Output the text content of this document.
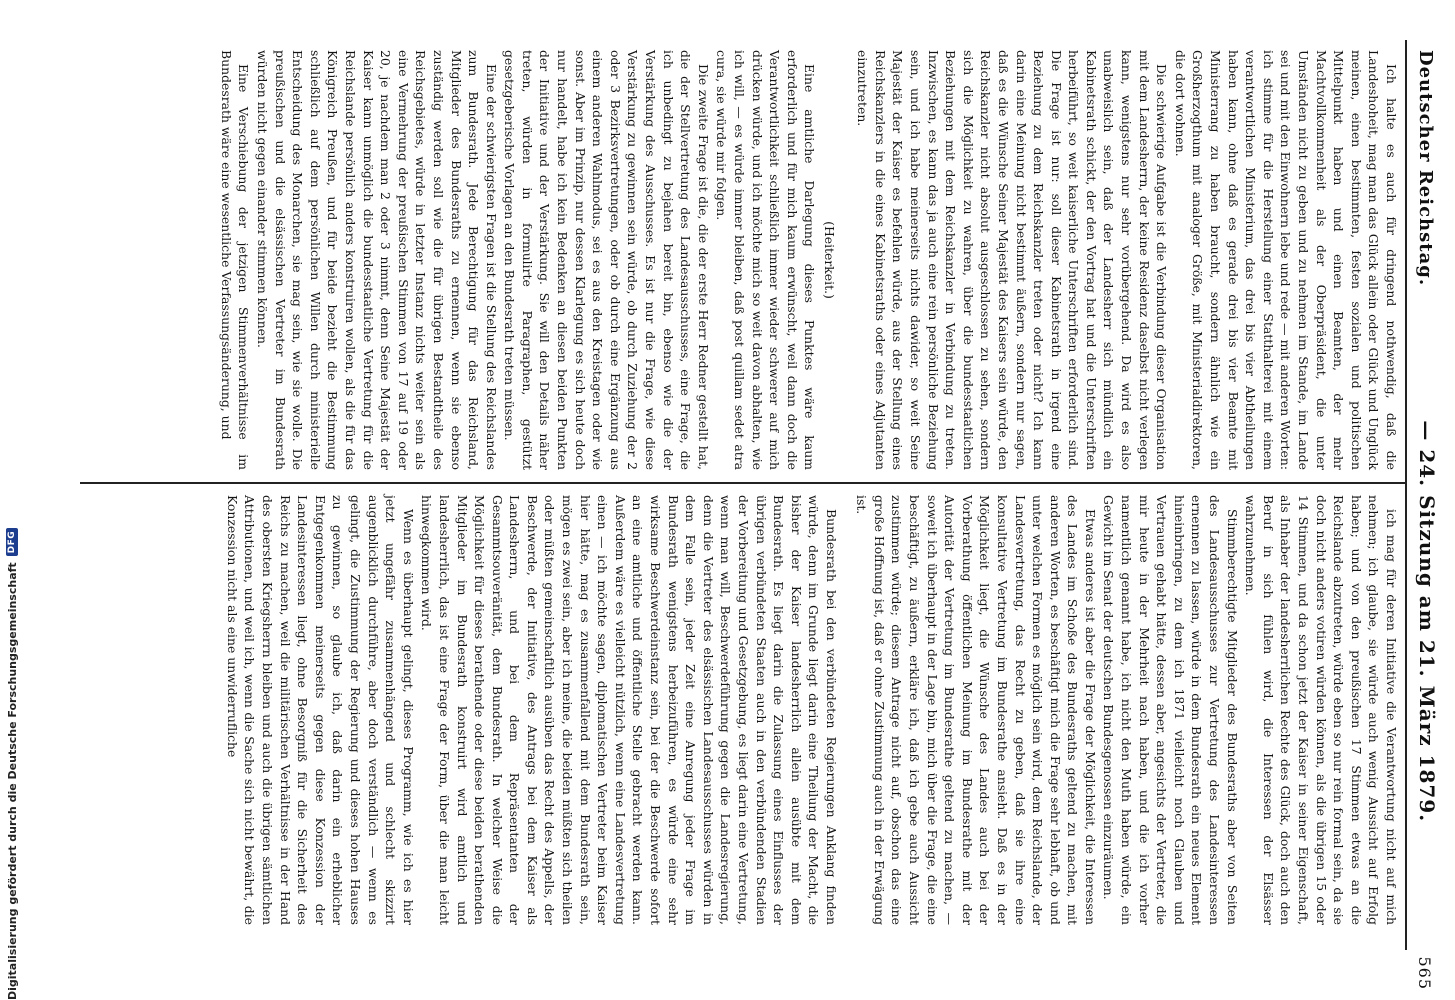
Deutscher Reichstag.
— 24. Sitzung am 21. März 1879.
565

Ich halte es auch für dringend nothwendig, daß die Landeshoheit, mag man das Glück allein oder Glück und Unglück meinen, einen bestimmten, festen sozialen und politischen Mittelpunkt haben und einen Beamten, der mehr Machtvollkommenheit als der Oberpräsident, die unter Umständen nicht zu geben und zu nehmen im Stande, im Lande sei und mit den Einwohnern lebe und rede — mit anderen Worten: ich stimme für die Herstellung einer Statthalterei mit einem verantwortlichen Ministerium, das drei bis vier Abtheilungen haben kann, ohne daß es gerade drei bis vier Beamte mit Ministerrang zu haben braucht, sondern ähnlich wie ein Großherzogthum mit analoger Größe, mit Ministerialdirektoren, die dort wohnen.

Die schwierige Aufgabe ist die Verbindung dieser Organisation mit dem Landesherrn, der keine Residenz daselbst nicht verlegen kann, wenigstens nur sehr vorübergehend. Da wird es also unabweislich sein, daß der Landesherr sich mündlich ein Kabinetsrath schickt, der den Vortrag hat und die Unterschriften herbeiführt, so weit kaiserliche Unterschriften erforderlich sind. Die Frage ist nur: soll dieser Kabinetsrath in irgend eine Beziehung zu dem Reichskanzler treten oder nicht? Ich kann darin eine Meinung nicht bestimmt äußern, sondern nur sagen, daß es die Wünsche Seiner Majestät des Kaisers sein würde, den Reichskanzler nicht absolut ausgeschlossen zu sehen, sondern sich die Möglichkeit zu wahren, über die bundesstaatlichen Beziehungen mit dem Reichskanzler in Verbindung zu treten. Inzwischen, es kann das ja auch eine rein persönliche Beziehung sein, und ich habe meinerseits nichts dawider, so weit Seine Majestät der Kaiser es befehlen würde, aus der Stellung eines Reichskanzlers in die eines Kabinetsraths oder eines Adjutanten einzutreten.

(Heiterkeit.)

Eine amtliche Darlegung dieses Punktes wäre kaum erforderlich und für mich kaum erwünscht, weil dann doch die Verantwortlichkeit schließlich immer wieder schwerer auf mich drücken würde, und ich möchte mich so weit davon abhalten, wie ich will, — es würde immer bleiben, daß post quillam sedet atra cura, sie würde mir folgen.

Die zweite Frage ist die, die der erste Herr Redner gestellt hat, die der Stellvertretung des Landesausschusses, eine Frage, die ich unbedingt zu bejahen bereit bin, ebenso wie die der Verstärkung des Ausschusses. Es ist nur die Frage, wie diese Verstärkung zu gewinnen sein würde, ob durch Zuziehung der 2 oder 3 Bezirksvertretungen, oder ob durch eine Ergänzung aus einem anderen Wahlmodus, sei es aus den Kreistagen oder wie sonst. Aber im Prinzip, nur dessen Klarlegung es sich heute doch nur handelt, habe ich kein Bedenken an diesen beiden Punkten der Initiative und der Verstärkung. Sie will den Details näher treten, würden in formulirte Paragraphen, gestützt gesetzgeberische Vorlagen an den Bundesrath treten müssen.

Eine der schwierigsten Fragen ist die Stellung des Reichslandes zum Bundesrath. Jede Berechtigung für das Reichsland, Mitglieder des Bundesraths zu ernennen, wenn sie ebenso zuständig werden soll wie die für übrigen Bestandtheile des Reichsgebietes, würde in letzter Instanz nichts weiter sein als eine Vermehrung der preußischen Stimmen von 17 auf 19 oder 20, je nachdem man 2 oder 3 nimmt, denn Seine Majestät der Kaiser kann unmöglich die bundesstaatliche Vertretung für die Reichslande persönlich anders konstruiren wollen, als die für das Königreich Preußen, und für beide bezieht die Bestimmung schließlich auf dem persönlichen Willen durch ministerielle Entscheidung des Monarchen, sie mag sein, wie sie wolle. Die preußischen und die elsässischen Vertreter im Bundesrath würden nicht gegen einander stimmen können.

Eine Verschiebung der jetzigen Stimmenverhältnisse im Bundesrath wäre eine wesentliche Verfassungsänderung, und

ich mag für deren Initiative die Verantwortung nicht auf mich nehmen; ich glaube, sie würde auch wenig Aussicht auf Erfolg haben; und von den preußischen 17 Stimmen etwas an die Reichslande abzutreten, würde eben so nur rein formal sein, da sie doch nicht anders votiren würden können, als die übrigen 15 oder 14 Stimmen, und da schon jetzt der Kaiser in seiner Eigenschaft, als Inhaber der landesherrlichen Rechte des Glück, doch auch den Beruf in sich fühlen wird, die Interessen der Elsässer wahrzunehmen.

Stimmberechtigte Mitglieder des Bundesraths aber von Seiten des Landesausschusses zur Vertretung des Landesinteressen ernennen zu lassen, würde in dem Bundesrath ein neues Element hineinbringen, zu dem ich 1871 vielleicht noch Glauben und Vertrauen gehabt hätte, dessen aber, angesichts der Vertreter, die mir heute in der Mehrheit nach haben, und die ich vorher namentlich genannt habe, ich nicht den Muth haben würde, ein Gewicht im Senat der deutschen Bundesgenossen einzuräumen.

Etwas anderes ist aber die Frage der Möglichkeit, die Interessen des Landes im Schoße des Bundesraths geltend zu machen, mit anderen Worten, es beschäftigt mich die Frage sehr lebhaft, ob und unter welchen Formen es möglich sein wird, dem Reichslande, der Landesvertretung, das Recht zu geben, daß sie ihre eine konsultative Vertretung im Bundesrathe ansieht. Daß es in der Möglichkeit liegt, die Wünsche des Landes auch bei der Vorberathung öffentlichen Meinung im Bundesrathe mit der Autorität der Vertretung im Bundesrathe geltend zu machen, — soweit ich überhaupt in der Lage bin, mich über die Frage, die eine beschäftigt, zu äußern, erkläre ich, daß ich gebe auch Aussicht zustimmen würde; diesem Antrage nicht auf, obschon das eine große Hoffnung ist, daß er ohne Zustimmung auch in der Erwägung ist.

Bundesrath bei den verbündeten Regierungen Anklang finden würde, denn im Grunde liegt darin eine Theilung der Macht, die bisher der Kaiser landesherrlich allein ausübte mit dem Bundesrath. Es liegt darin die Zulassung eines Einflusses der übrigen verbündeten Staaten auch in den verbündenden Stadien der Vorbereitung und Gesetzgebung, es liegt darin eine Vertretung, wenn man will, Beschwerdeführung gegen die Landesregierung, denn die Vertreter des elsässischen Landesausschusses würden in dem Falle sein, jeder Zeit eine Anregung jeder Frage im Bundesrath wenigstens herbeizuführen, es würde eine sehr wirksame Beschwerdeinstanz sein, bei der die Beschwerde sofort an eine amtliche und öffentliche Stelle gebracht werden kann. Außerdem wäre es vielleicht nützlich, wenn eine Landesvertretung einen — ich möchte sagen, diplomatischen Vertreter beim Kaiser hier hätte, mag es zusammenfallend mit dem Bundesrath sein, mögen es zwei sein, aber ich meine, die beiden müßten sich theilen oder müßten gemeinschaftlich ausüben das Recht des Appells, der Beschwerde, der Initiative, des Antrags bei dem Kaiser als Landesherrn, und bei dem Repräsentanten der Gesammtsouveränität, dem Bundesrath. In welcher Weise die Möglichkeit für dieses berathende oder diese beiden berathenden Mitglieder im Bundesrath konstruirt wird amtlich und landesherrlich, das ist eine Frage der Form, über die man leicht hinwegkommen wird.

Wenn es überhaupt gelingt, dieses Programm, wie ich es hier jetzt ungefähr zusammenhängend und schlecht skizzirt augenblicklich durchführe, aber doch verständlich — wenn es gelingt, die Zustimmung der Regierung und dieses hohen Hauses zu gewinnen, so glaube ich, daß darin ein erheblicher Entgegenkommen meinerseits gegen diese Konzession der Landesinteressen liegt, ohne Besorgniß für die Sicherheit des Reichs zu machen, weil die militärischen Verhältnisse in der Hand des obersten Kriegsherrn bleiben und auch die übrigen sämtlichen Attributionen, und weil ich, wenn die Sache sich nicht bewährt, die Konzession nicht als eine unwiderrufliche

Digitalisierung gefördert durch die Deutsche Forschungsgemeinschaft
DFG
